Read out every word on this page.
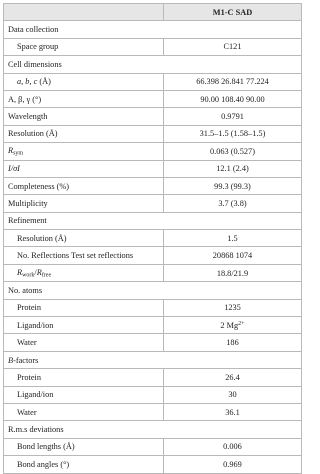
	M1-C SAD
Data collection	
Space group	C121
Cell dimensions	
a, b, c (Å)	66.398 26.841 77.224
Α, β, γ (°)	90.00 108.40 90.00
Wavelength	0.9791
Resolution (Å)	31.5–1.5 (1.58–1.5)
$R_{sym}$	0.063 (0.527)
I/σI	12.1 (2.4)
Completeness (%)	99.3 (99.3)
Multiplicity	3.7 (3.8)
Refinement	
Resolution (Å)	1.5
No. Reflections Test set reflections	20868 1074
$R_{work}/R_{free}$	18.8/21.9
No. atoms	
Protein	1235
Ligand/ion	2 $Mg^{2+}$
Water	186
B-factors	
Protein	26.4
Ligand/ion	30
Water	36.1
R.m.s deviations	
Bond lengths (Å)	0.006
Bond angles (°)	0.969
